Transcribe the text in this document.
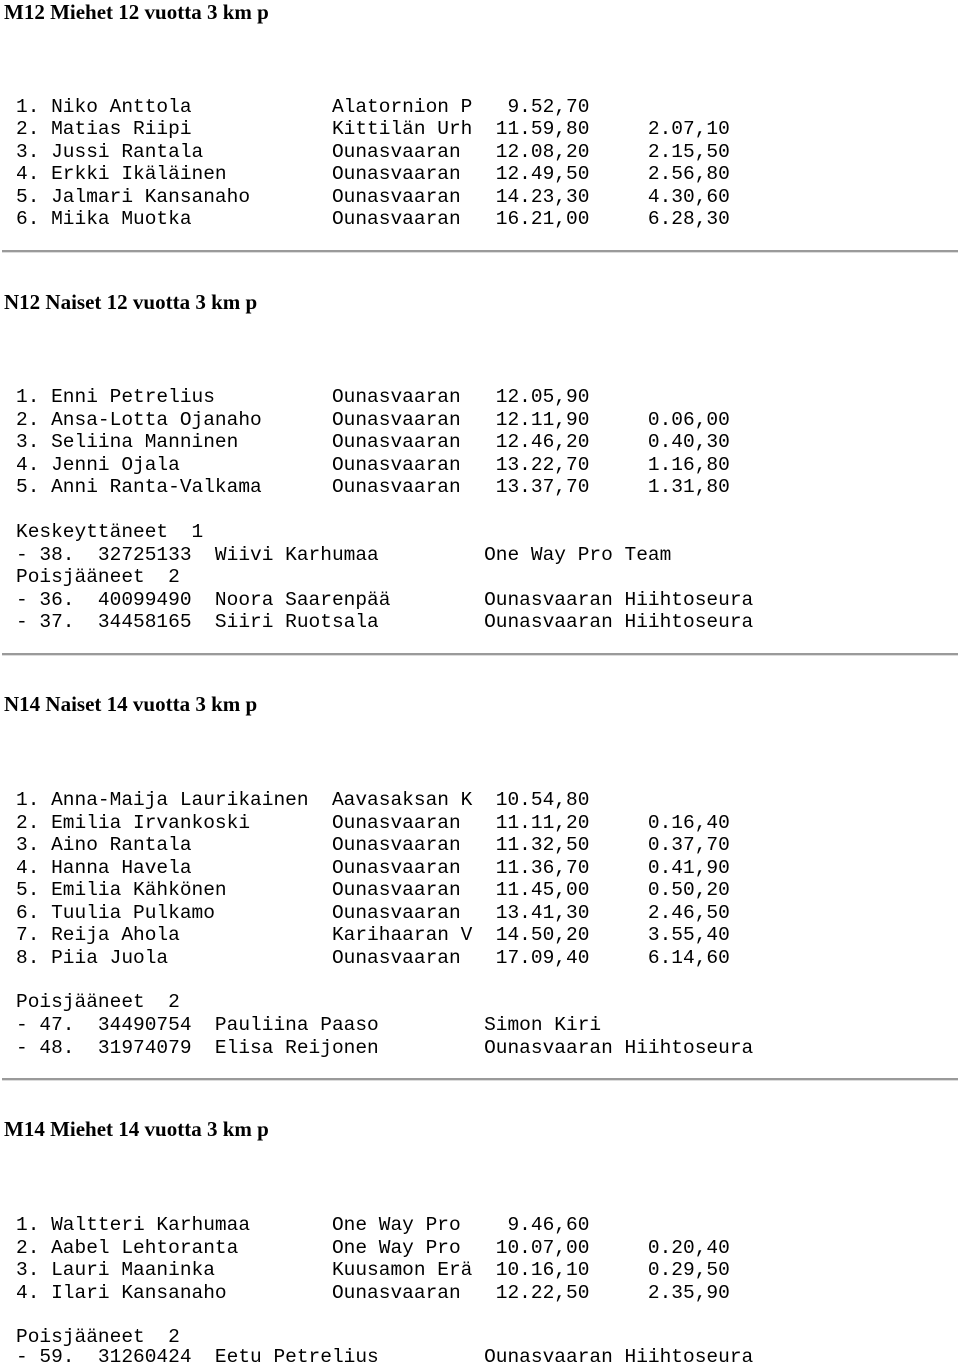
M12 Miehet 12 vuotta 3 km p
1. Niko Anttola            Alatornion P   9.52,70
2. Matias Riipi            Kittilän Urh  11.59,80     2.07,10
3. Jussi Rantala           Ounasvaaran   12.08,20     2.15,50
4. Erkki Ikäläinen         Ounasvaaran   12.49,50     2.56,80
5. Jalmari Kansanaho       Ounasvaaran   14.23,30     4.30,60
6. Miika Muotka            Ounasvaaran   16.21,00     6.28,30
N12 Naiset 12 vuotta 3 km p
1. Enni Petrelius          Ounasvaaran   12.05,90
2. Ansa-Lotta Ojanaho      Ounasvaaran   12.11,90     0.06,00
3. Seliina Manninen        Ounasvaaran   12.46,20     0.40,30
4. Jenni Ojala             Ounasvaaran   13.22,70     1.16,80
5. Anni Ranta-Valkama      Ounasvaaran   13.37,70     1.31,80
Keskeyttäneet  1
- 38.  32725133  Wiivi Karhumaa         One Way Pro Team
Poisjääneet  2
- 36.  40099490  Noora Saarenpää        Ounasvaaran Hiihtoseura
- 37.  34458165  Siiri Ruotsala         Ounasvaaran Hiihtoseura
N14 Naiset 14 vuotta 3 km p
1. Anna-Maija Laurikainen  Aavasaksan K  10.54,80
2. Emilia Irvankoski       Ounasvaaran   11.11,20     0.16,40
3. Aino Rantala            Ounasvaaran   11.32,50     0.37,70
4. Hanna Havela            Ounasvaaran   11.36,70     0.41,90
5. Emilia Kähkönen         Ounasvaaran   11.45,00     0.50,20
6. Tuulia Pulkamo          Ounasvaaran   13.41,30     2.46,50
7. Reija Ahola             Karihaaran V  14.50,20     3.55,40
8. Piia Juola              Ounasvaaran   17.09,40     6.14,60
Poisjääneet  2
- 47.  34490754  Pauliina Paaso         Simon Kiri
- 48.  31974079  Elisa Reijonen         Ounasvaaran Hiihtoseura
M14 Miehet 14 vuotta 3 km p
1. Waltteri Karhumaa       One Way Pro    9.46,60
2. Aabel Lehtoranta        One Way Pro   10.07,00     0.20,40
3. Lauri Maaninka          Kuusamon Erä  10.16,10     0.29,50
4. Ilari Kansanaho         Ounasvaaran   12.22,50     2.35,90
Poisjääneet  2
- 59.  31260424  Eetu Petrelius         Ounasvaaran Hiihtoseura
